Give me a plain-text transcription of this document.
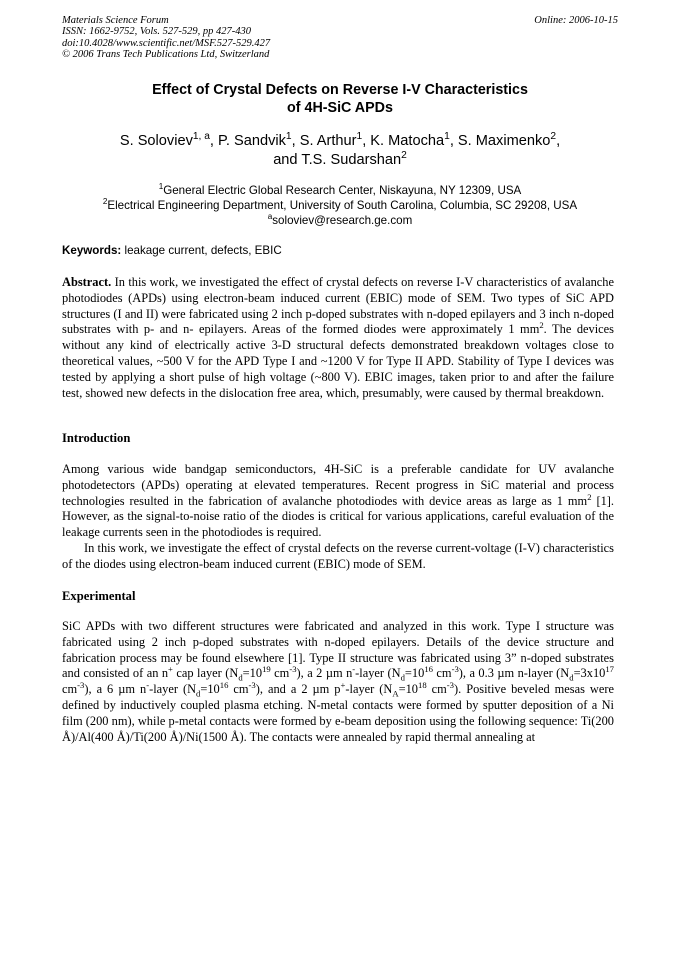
Materials Science Forum	Online: 2006-10-15
ISSN: 1662-9752, Vols. 527-529, pp 427-430
doi:10.4028/www.scientific.net/MSF.527-529.427
© 2006 Trans Tech Publications Ltd, Switzerland
Effect of Crystal Defects on Reverse I-V Characteristics
of 4H-SiC APDs
S. Soloviev$^{1, a}$, P. Sandvik$^1$, S. Arthur$^1$, K. Matocha$^1$, S. Maximenko$^2$,
and T.S. Sudarshan$^2$
$^1$General Electric Global Research Center, Niskayuna, NY 12309, USA
$^2$Electrical Engineering Department, University of South Carolina, Columbia, SC 29208, USA
$^a$soloviev@research.ge.com
Keywords: leakage current, defects, EBIC
Abstract. In this work, we investigated the effect of crystal defects on reverse I-V characteristics of avalanche photodiodes (APDs) using electron-beam induced current (EBIC) mode of SEM. Two types of SiC APD structures (I and II) were fabricated using 2 inch p-doped substrates with n-doped epilayers and 3 inch n-doped substrates with p- and n- epilayers. Areas of the formed diodes were approximately 1 $mm^2$. The devices without any kind of electrically active 3-D structural defects demonstrated breakdown voltages close to theoretical values, ~500 V for the APD Type I and ~1200 V for Type II APD. Stability of Type I devices was tested by applying a short pulse of high voltage (~800 V). EBIC images, taken prior to and after the failure test, showed new defects in the dislocation free area, which, presumably, were caused by thermal breakdown.
Introduction
Among various wide bandgap semiconductors, 4H-SiC is a preferable candidate for UV avalanche photodetectors (APDs) operating at elevated temperatures. Recent progress in SiC material and process technologies resulted in the fabrication of avalanche photodiodes with device areas as large as 1 $mm^2$ [1]. However, as the signal-to-noise ratio of the diodes is critical for various applications, careful evaluation of the leakage currents seen in the photodiodes is required.
In this work, we investigate the effect of crystal defects on the reverse current-voltage (I-V) characteristics of the diodes using electron-beam induced current (EBIC) mode of SEM.
Experimental
SiC APDs with two different structures were fabricated and analyzed in this work. Type I structure was fabricated using 2 inch p-doped substrates with n-doped epilayers. Details of the device structure and fabrication process may be found elsewhere [1]. Type II structure was fabricated using 3” n-doped substrates and consisted of an n+ cap layer ($N_d=10^{19}$ $cm^{-3}$), a 2 µm n--layer ($N_d=10^{16}$ $cm^{-3}$), a 0.3 µm n-layer ($N_d=3x10^{17}$ $cm^{-3}$), a 6 µm n--layer ($N_d=10^{16}$ $cm^{-3}$), and a 2 µm p+-layer ($N_A=10^{18}$ $cm^{-3}$). Positive beveled mesas were defined by inductively coupled plasma etching. N-metal contacts were formed by sputter deposition of a Ni film (200 nm), while p-metal contacts were formed by e-beam deposition using the following sequence: Ti(200 Å)/Al(400 Å)/Ti(200 Å)/Ni(1500 Å). The contacts were annealed by rapid thermal annealing at
